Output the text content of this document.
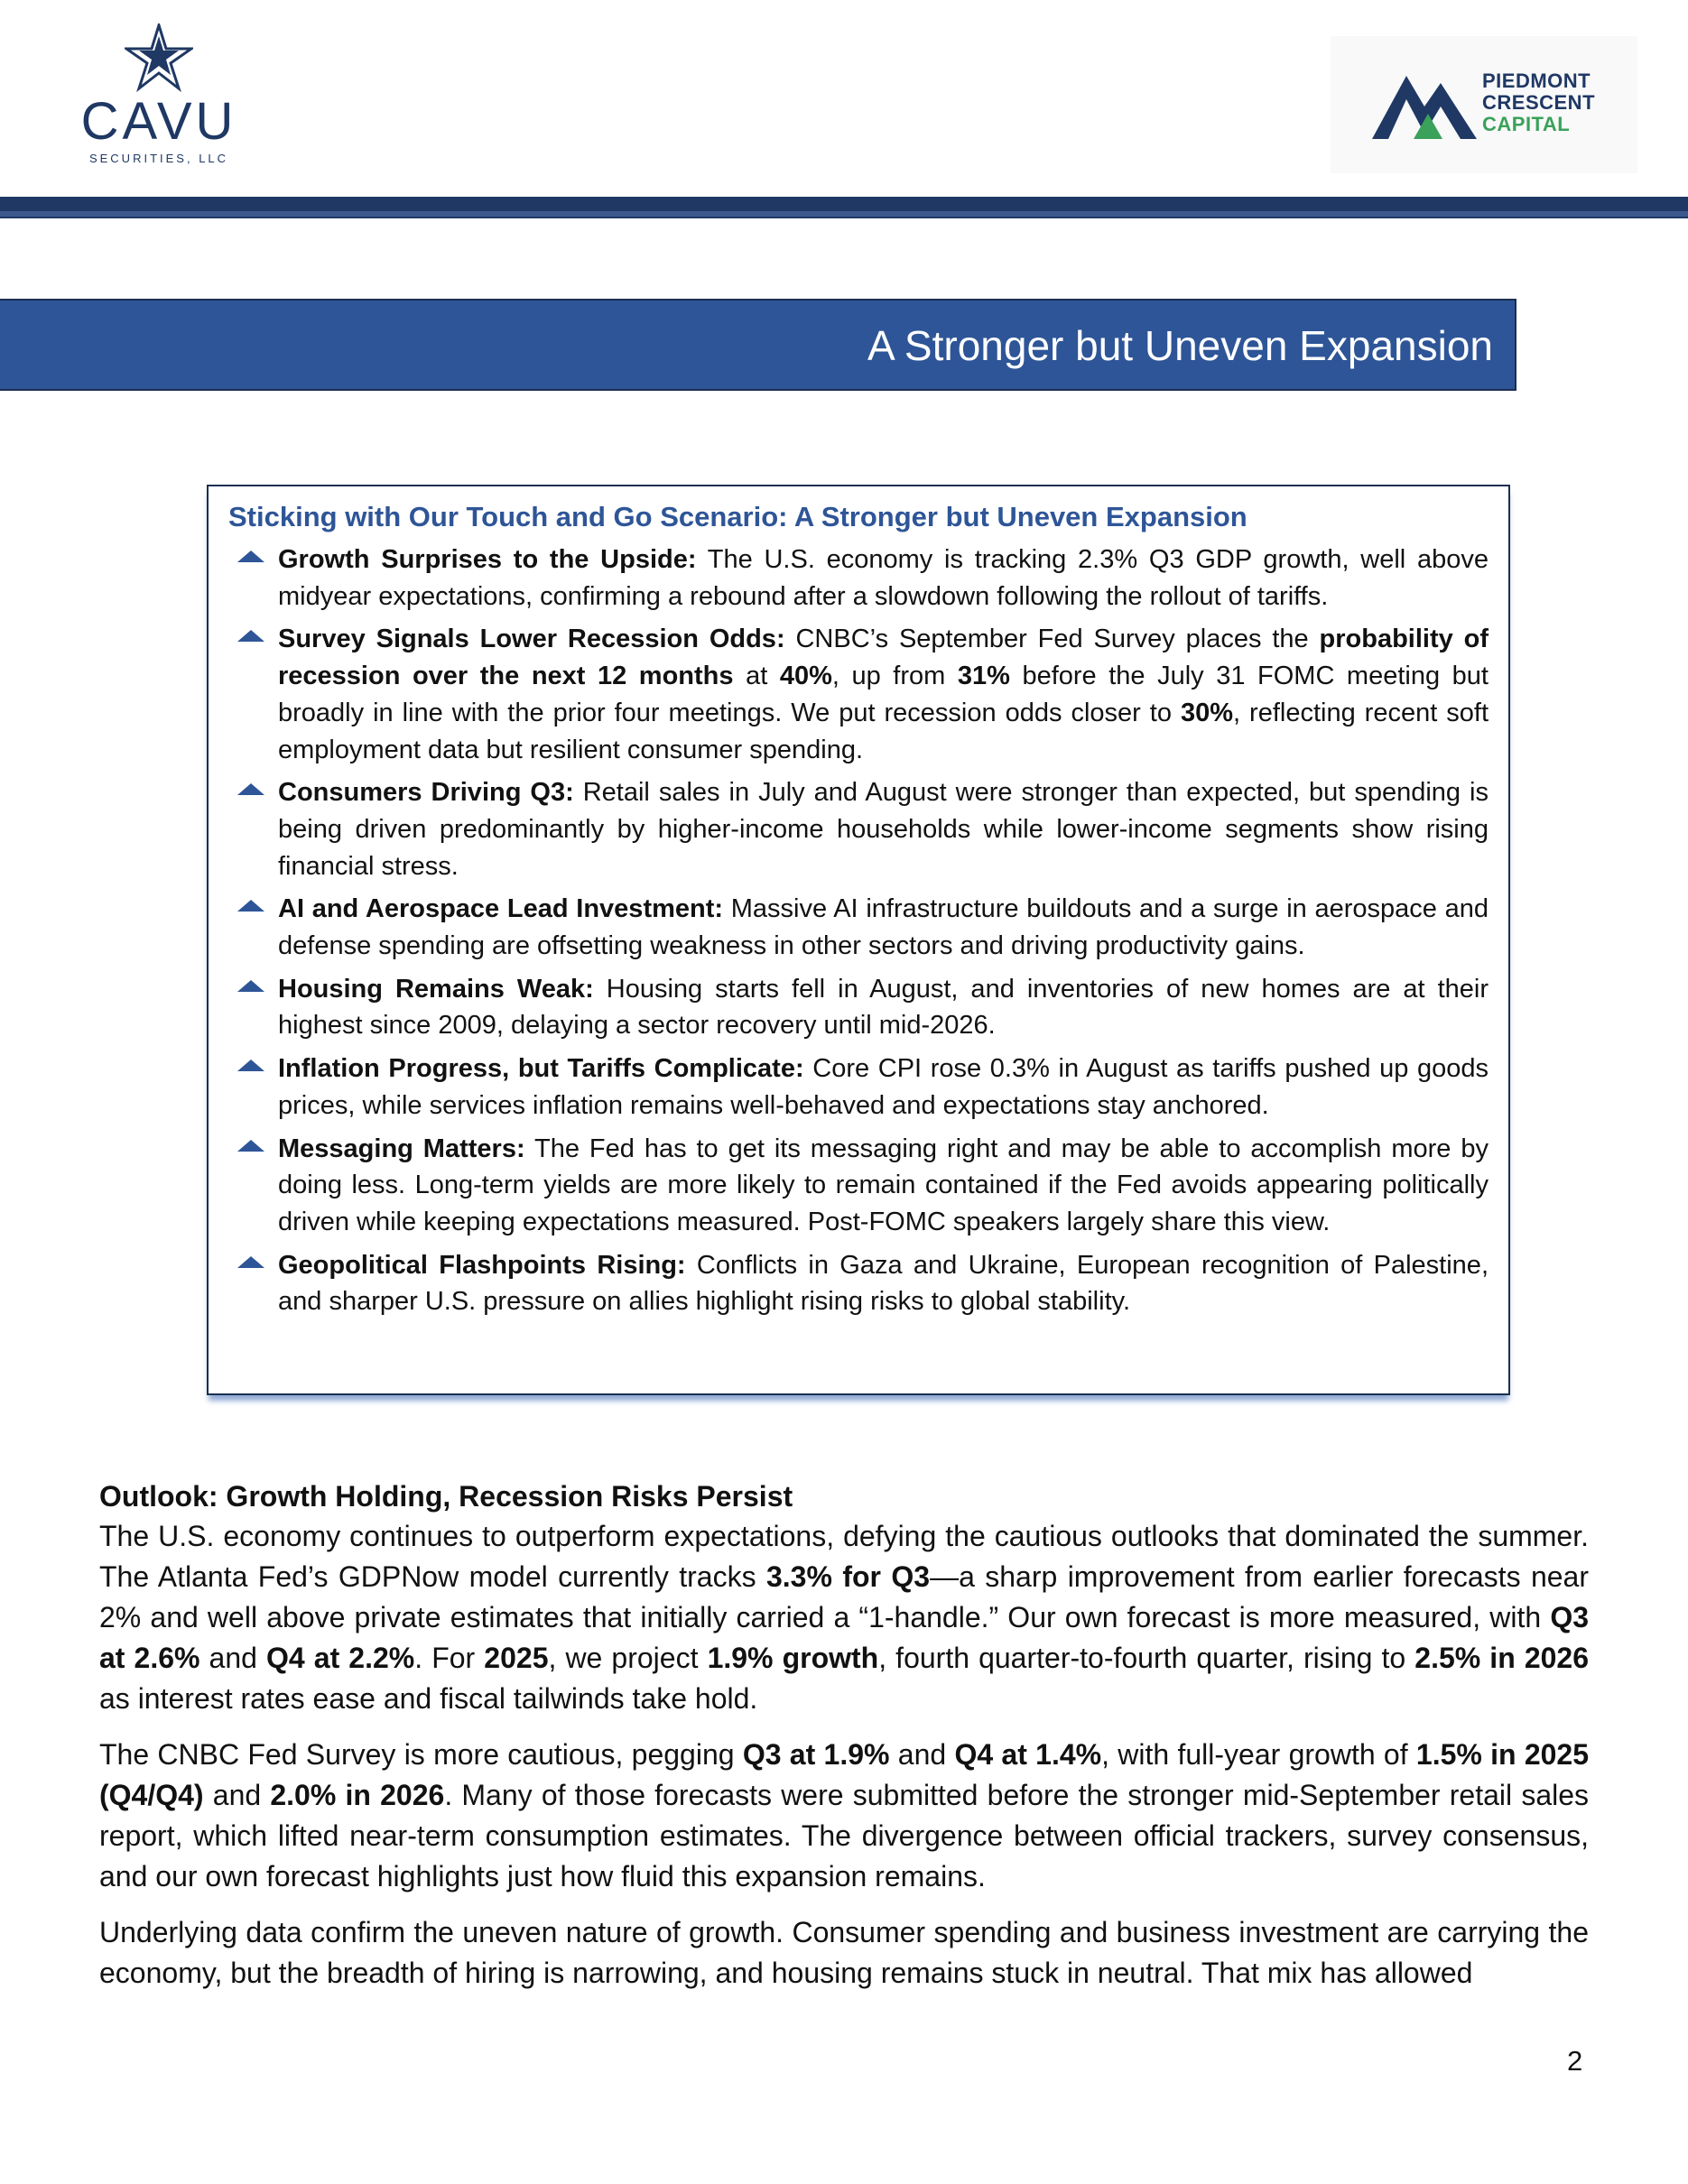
CAVU
SECURITIES, LLC
PIEDMONT
CRESCENT
CAPITAL
A Stronger but Uneven Expansion
Sticking with Our Touch and Go Scenario: A Stronger but Uneven Expansion
Growth Surprises to the Upside: The U.S. economy is tracking 2.3% Q3 GDP growth, well above midyear expectations, confirming a rebound after a slowdown following the rollout of tariffs.
Survey Signals Lower Recession Odds: CNBC’s September Fed Survey places the probability of recession over the next 12 months at 40%, up from 31% before the July 31 FOMC meeting but broadly in line with the prior four meetings. We put recession odds closer to 30%, reflecting recent soft employment data but resilient consumer spending.
Consumers Driving Q3: Retail sales in July and August were stronger than expected, but spending is being driven predominantly by higher-income households while lower-income segments show rising financial stress.
AI and Aerospace Lead Investment: Massive AI infrastructure buildouts and a surge in aerospace and defense spending are offsetting weakness in other sectors and driving productivity gains.
Housing Remains Weak: Housing starts fell in August, and inventories of new homes are at their highest since 2009, delaying a sector recovery until mid-2026.
Inflation Progress, but Tariffs Complicate: Core CPI rose 0.3% in August as tariffs pushed up goods prices, while services inflation remains well-behaved and expectations stay anchored.
Messaging Matters: The Fed has to get its messaging right and may be able to accomplish more by doing less. Long-term yields are more likely to remain contained if the Fed avoids appearing politically driven while keeping expectations measured. Post-FOMC speakers largely share this view.
Geopolitical Flashpoints Rising: Conflicts in Gaza and Ukraine, European recognition of Palestine, and sharper U.S. pressure on allies highlight rising risks to global stability.
Outlook: Growth Holding, Recession Risks Persist

The U.S. economy continues to outperform expectations, defying the cautious outlooks that dominated the summer. The Atlanta Fed’s GDPNow model currently tracks 3.3% for Q3—a sharp improvement from earlier forecasts near 2% and well above private estimates that initially carried a “1-handle.” Our own forecast is more measured, with Q3 at 2.6% and Q4 at 2.2%. For 2025, we project 1.9% growth, fourth quarter-to-fourth quarter, rising to 2.5% in 2026 as interest rates ease and fiscal tailwinds take hold.

The CNBC Fed Survey is more cautious, pegging Q3 at 1.9% and Q4 at 1.4%, with full-year growth of 1.5% in 2025 (Q4/Q4) and 2.0% in 2026. Many of those forecasts were submitted before the stronger mid-September retail sales report, which lifted near-term consumption estimates. The divergence between official trackers, survey consensus, and our own forecast highlights just how fluid this expansion remains.

Underlying data confirm the uneven nature of growth. Consumer spending and business investment are carrying the economy, but the breadth of hiring is narrowing, and housing remains stuck in neutral. That mix has allowed

2
